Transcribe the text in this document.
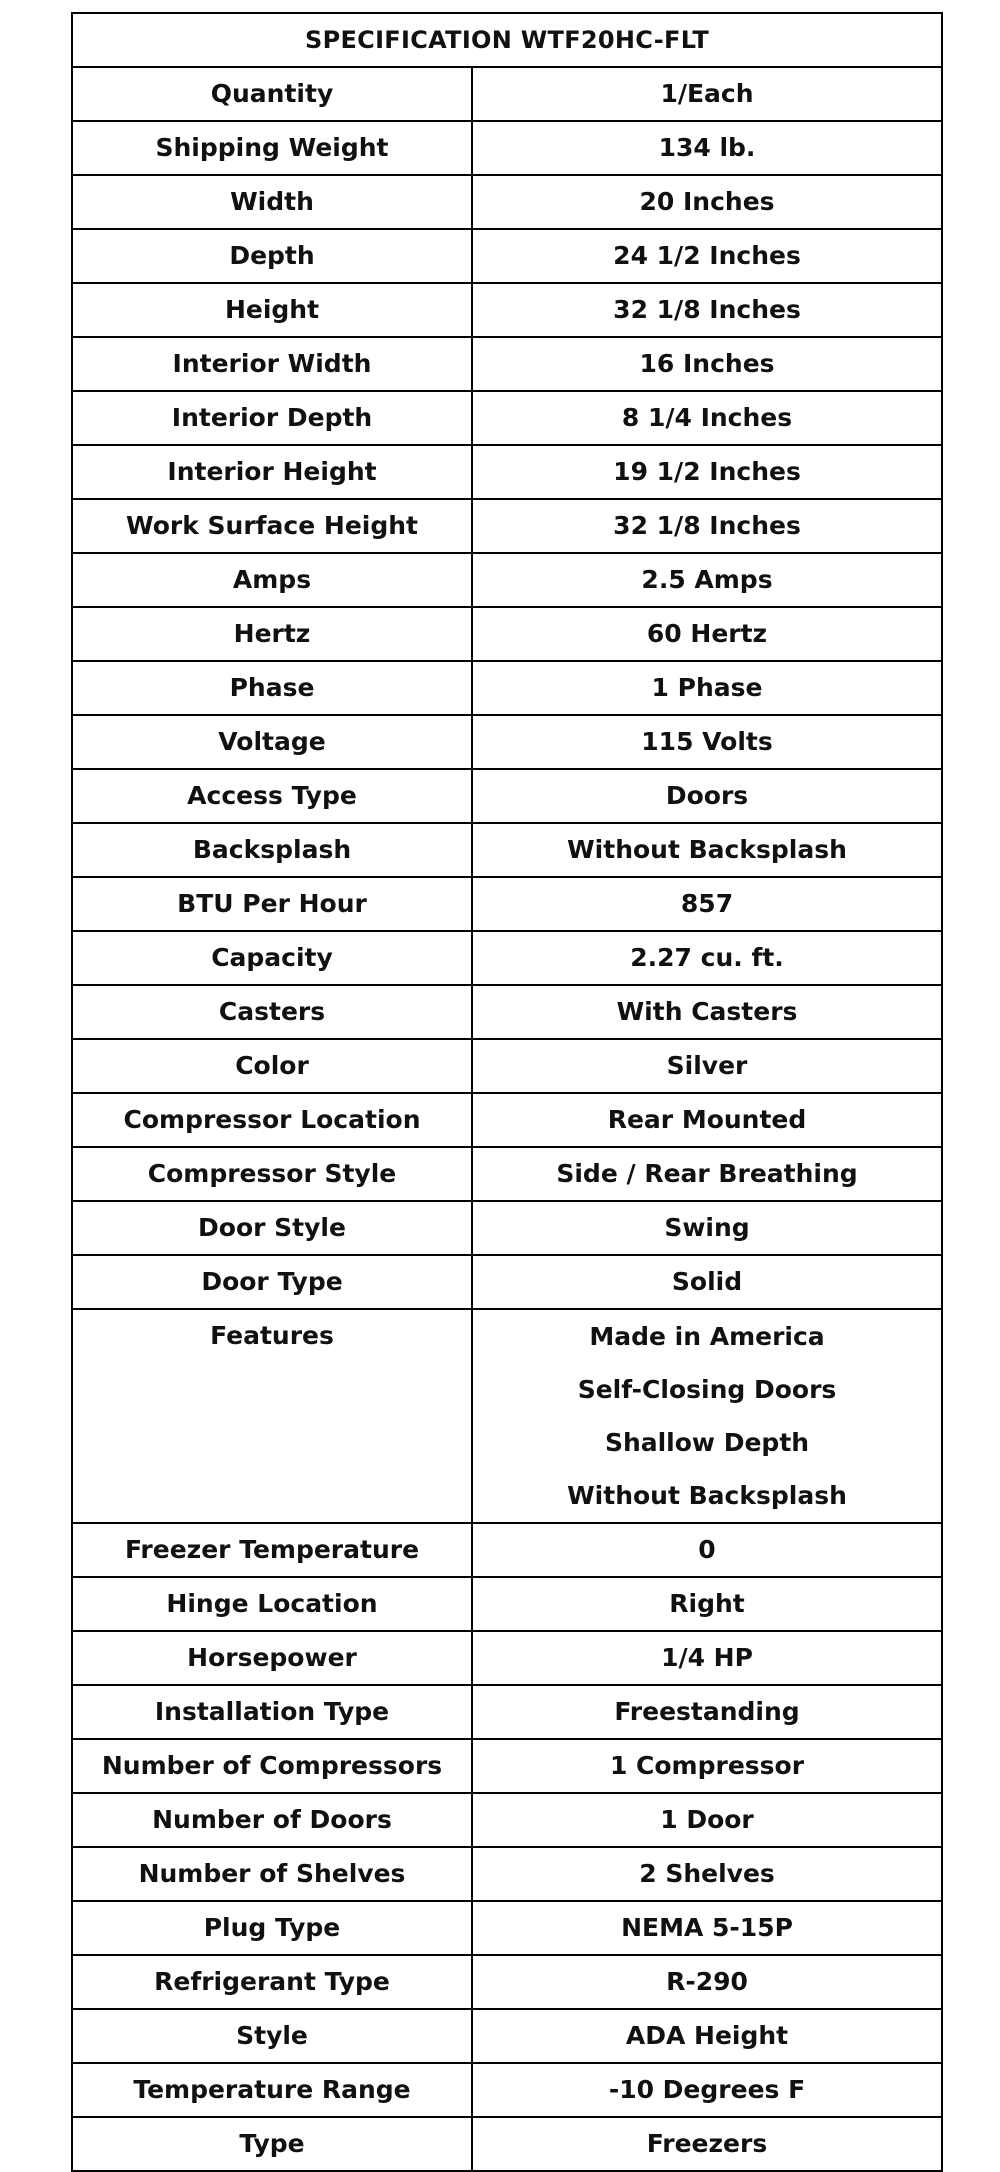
SPECIFICATION WTF20HC-FLT	
Quantity	1/Each
Shipping Weight	134 lb.
Width	20 Inches
Depth	24 1/2 Inches
Height	32 1/8 Inches
Interior Width	16 Inches
Interior Depth	8 1/4 Inches
Interior Height	19 1/2 Inches
Work Surface Height	32 1/8 Inches
Amps	2.5 Amps
Hertz	60 Hertz
Phase	1 Phase
Voltage	115 Volts
Access Type	Doors
Backsplash	Without Backsplash
BTU Per Hour	857
Capacity	2.27 cu. ft.
Casters	With Casters
Color	Silver
Compressor Location	Rear Mounted
Compressor Style	Side / Rear Breathing
Door Style	Swing
Door Type	Solid
Features	Made in America
Self-Closing Doors
Shallow Depth
Without Backsplash

Freezer Temperature	0
Hinge Location	Right
Horsepower	1/4 HP
Installation Type	Freestanding
Number of Compressors	1 Compressor
Number of Doors	1 Door
Number of Shelves	2 Shelves
Plug Type	NEMA 5-15P
Refrigerant Type	R-290
Style	ADA Height
Temperature Range	-10 Degrees F
Type	Freezers
